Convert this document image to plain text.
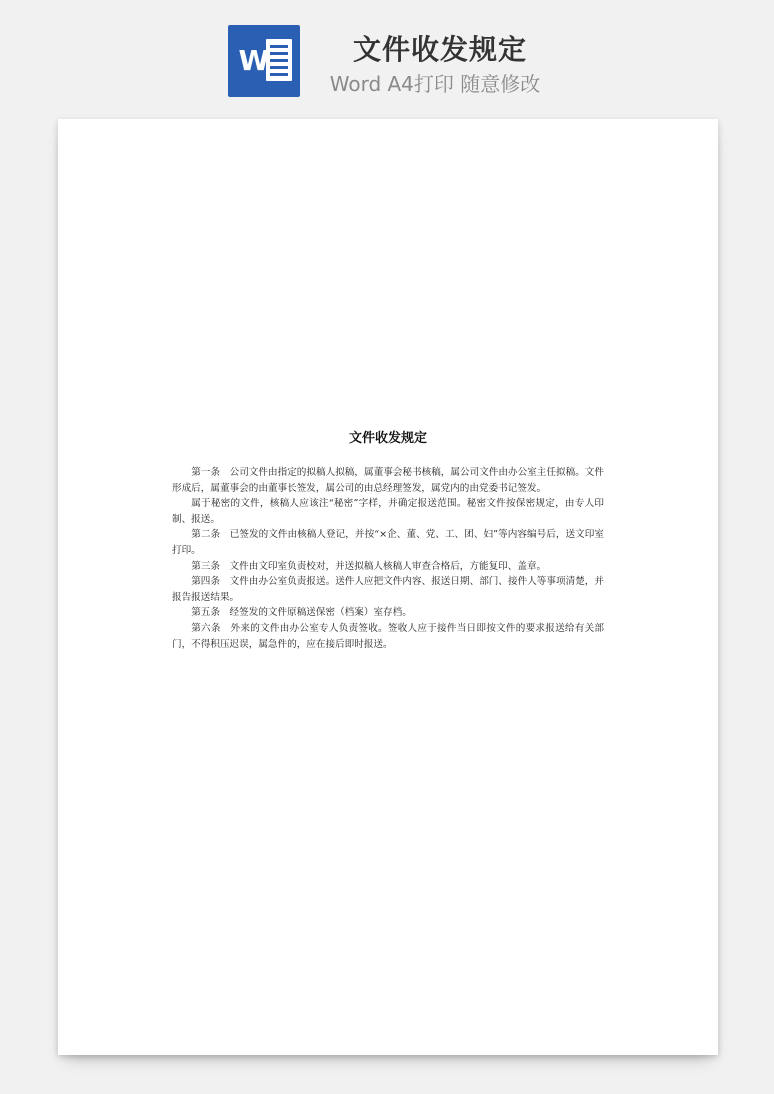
W	文件收发规定
Word A4打印 随意修改
文件收发规定

第一条　公司文件由指定的拟稿人拟稿，属董事会秘书核稿，属公司文件由办公室主任拟稿。文件形成后，属董事会的由董事长签发，属公司的由总经理签发，属党内的由党委书记签发。

属于秘密的文件，核稿人应该注“秘密”字样，并确定报送范围。秘密文件按保密规定，由专人印制、报送。

第二条　已签发的文件由核稿人登记，并按“×企、董、党、工、团、妇”等内容编号后，送文印室打印。

第三条　文件由文印室负责校对，并送拟稿人核稿人审查合格后，方能复印、盖章。

第四条　文件由办公室负责报送。送件人应把文件内容、报送日期、部门、接件人等事项清楚，并报告报送结果。

第五条　经签发的文件原稿送保密（档案）室存档。

第六条　外来的文件由办公室专人负责签收。签收人应于接件当日即按文件的要求报送给有关部门，不得积压迟误，属急件的，应在接后即时报送。
